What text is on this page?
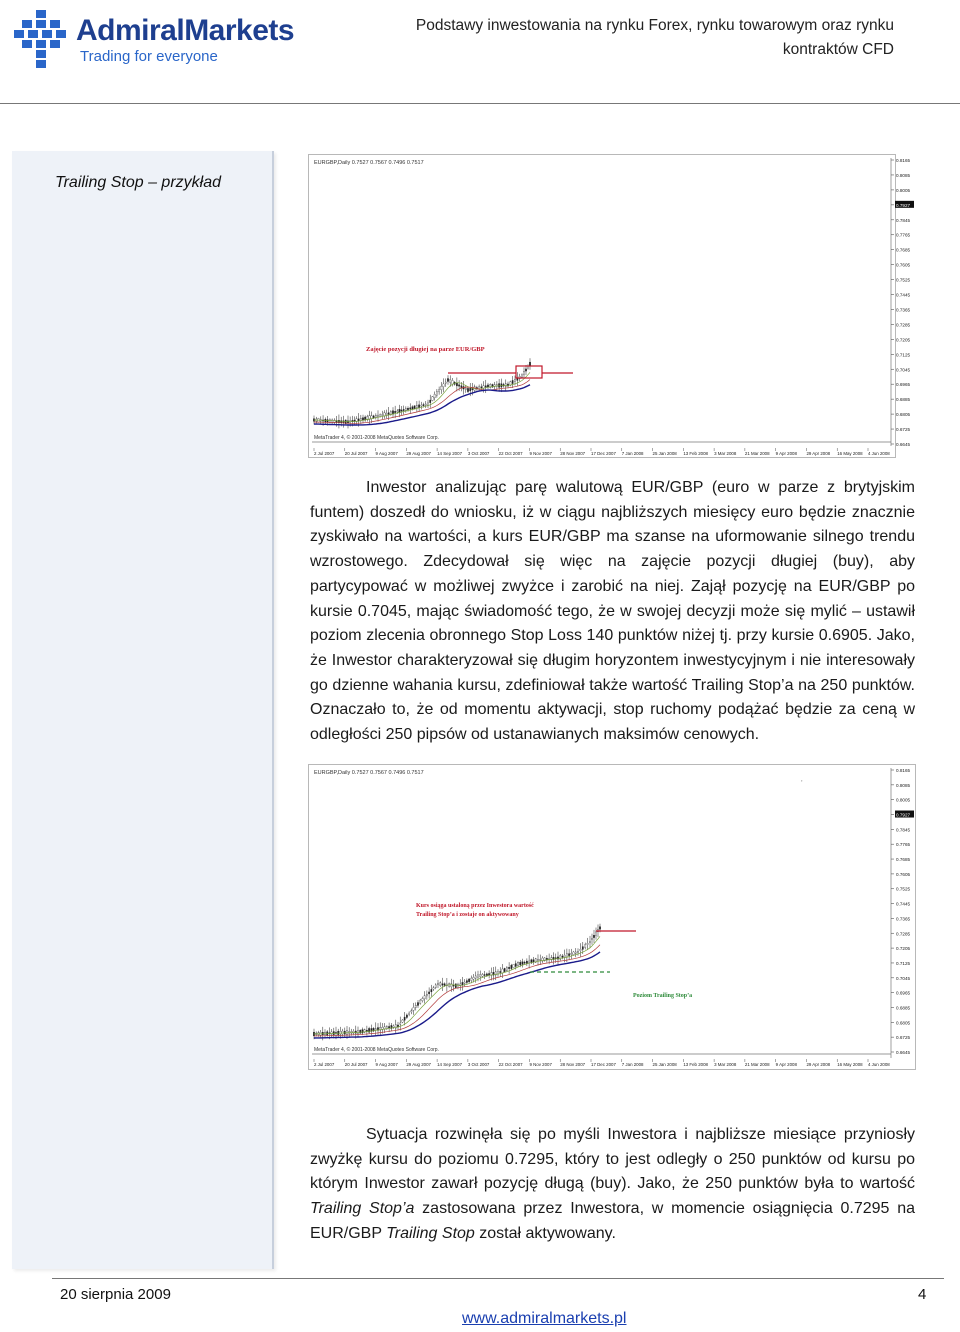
AdmiralMarkets
Trading for everyone
Podstawy inwestowania na rynku Forex, rynku towarowym oraz rynku
kontraktów CFD
Trailing Stop – przykład
EURGBP,Daily 0.7527 0.7567 0.7496 0.7517
MetaTrader 4, © 2001-2008 MetaQuotes Software Corp.
Zajęcie pozycji długiej na parze EUR/GBP
0.8165
0.8085
0.8005
0.7927
0.7845
0.7765
0.7685
0.7605
0.7525
0.7445
0.7365
0.7285
0.7205
0.7125
0.7045
0.6965
0.6885
0.6805
0.6725
0.6645
2 Jul 2007 20 Jul 2007 9 Aug 2007 29 Aug 2007 14 Sep 2007 3 Oct 2007 22 Oct 2007 9 Nov 2007 28 Nov 2007 17 Dec 2007 7 Jan 2008 25 Jan 2008 13 Feb 2008 3 Mar 2008 21 Mar 2008 9 Apr 2008 29 Apr 2008 16 May 2008 4 Jun 2008
Inwestor analizując parę walutową EUR/GBP (euro w parze z brytyjskim funtem) doszedł do wniosku, iż w ciągu najbliższych miesięcy euro będzie znacznie zyskiwało na wartości, a kurs EUR/GBP ma szanse na uformowanie silnego trendu wzrostowego. Zdecydował się więc na zajęcie pozycji długiej (buy), aby partycypować w możliwej zwyżce i zarobić na niej. Zajął pozycję na EUR/GBP po kursie 0.7045, mając świadomość tego, że w swojej decyzji może się mylić – ustawił poziom zlecenia obronnego Stop Loss 140 punktów niżej tj. przy kursie 0.6905. Jako, że Inwestor charakteryzował się długim horyzontem inwestycyjnym i nie interesowały go dzienne wahania kursu, zdefiniował także wartość Trailing Stop’a na 250 punktów. Oznaczało to, że od momentu aktywacji, stop ruchomy podążać będzie za ceną w odległości 250 pipsów od ustanawianych maksimów cenowych.
EURGBP,Daily 0.7527 0.7567 0.7496 0.7517
MetaTrader 4, © 2001-2008 MetaQuotes Software Corp.
Kurs osiąga ustaloną przez Inwestora wartość
Trailing Stop’a i zostaje on aktywowany
Poziom Trailing Stop’a
0.8165
0.8085
0.8005
0.7927
0.7845
0.7765
0.7685
0.7605
0.7525
0.7445
0.7365
0.7285
0.7205
0.7125
0.7045
0.6965
0.6885
0.6805
0.6725
0.6645
2 Jul 2007 20 Jul 2007 9 Aug 2007 29 Aug 2007 14 Sep 2007 3 Oct 2007 22 Oct 2007 9 Nov 2007 28 Nov 2007 17 Dec 2007 7 Jan 2008 25 Jan 2008 13 Feb 2008 3 Mar 2008 21 Mar 2008 9 Apr 2008 29 Apr 2008 16 May 2008 4 Jun 2008
,
Sytuacja rozwinęła się po myśli Inwestora i najbliższe miesiące przyniosły zwyżkę kursu do poziomu 0.7295, który to jest odległy o 250 punktów od kursu po którym Inwestor zawarł pozycję długą (buy). Jako, że 250 punktów była to wartość Trailing Stop’a zastosowana przez Inwestora, w momencie osiągnięcia 0.7295 na EUR/GBP Trailing Stop został aktywowany.
20 sierpnia 2009	4
www.admiralmarkets.pl
